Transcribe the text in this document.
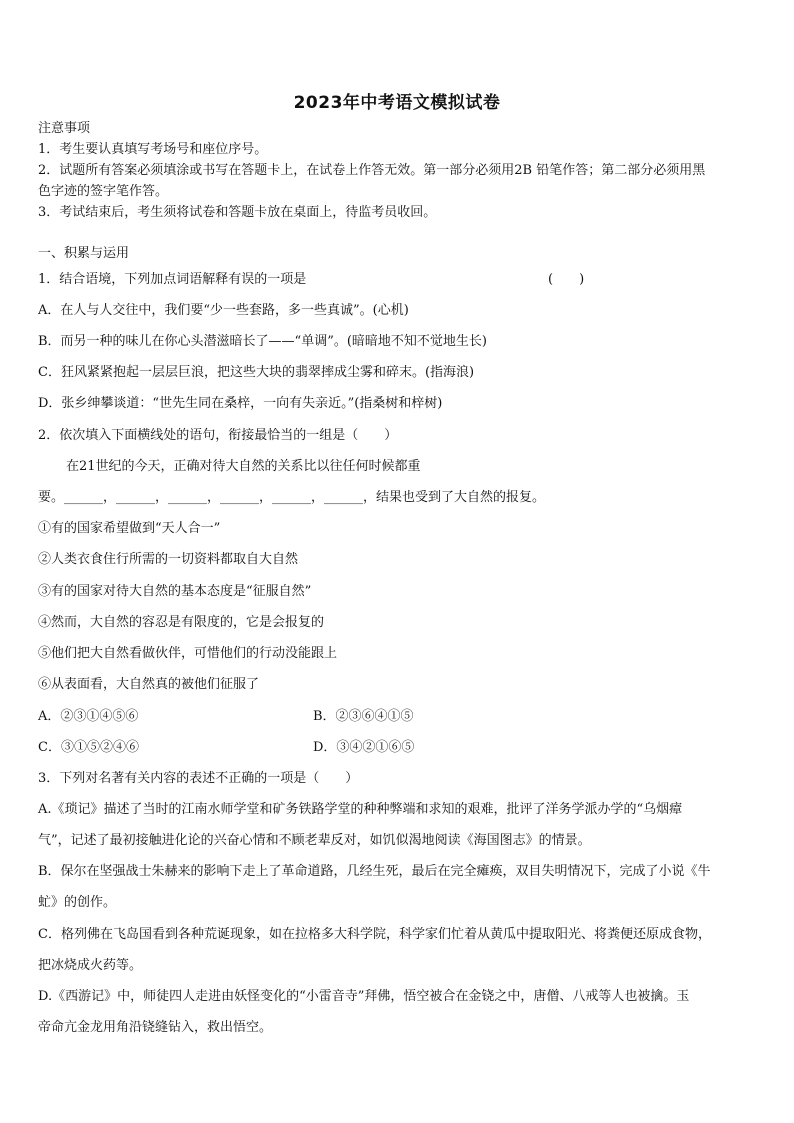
2023年中考语文模拟试卷
注意事项
1．考生要认真填写考场号和座位序号。
2．试题所有答案必须填涂或书写在答题卡上，在试卷上作答无效。第一部分必须用2B 铅笔作答；第二部分必须用黑
色字迹的签字笔作答。
3．考试结束后，考生须将试卷和答题卡放在桌面上，待监考员收回。
一、积累与运用
1．结合语境，下列加点词语解释有误的一项是	(　　)
A．在人与人交往中，我们要“少一些套路，多一些真诚”。(心机)
B．而另一种的味儿在你心头潜滋暗长了——“单调”。(暗暗地不知不觉地生长)
C．狂风紧紧抱起一层层巨浪，把这些大块的翡翠摔成尘雾和碎末。(指海浪)
D．张乡绅攀谈道：“世先生同在桑梓，一向有失亲近。”(指桑树和梓树)
2．依次填入下面横线处的语句，衔接最恰当的一组是（　　）
在21世纪的今天，正确对待大自然的关系比以往任何时候都重
要。______，______，______，______，______，______，结果也受到了大自然的报复。
①有的国家希望做到“天人合一”
②人类衣食住行所需的一切资料都取自大自然
③有的国家对待大自然的基本态度是“征服自然”
④然而，大自然的容忍是有限度的，它是会报复的
⑤他们把大自然看做伙伴，可惜他们的行动没能跟上
⑥从表面看，大自然真的被他们征服了
A．②③①④⑤⑥	B．②③⑥④①⑤
C．③①⑤②④⑥	D．③④②①⑥⑤
3．下列对名著有关内容的表述不正确的一项是（　　）
A.《琐记》描述了当时的江南水师学堂和矿务铁路学堂的种种弊端和求知的艰难，批评了洋务学派办学的“乌烟瘴
气”，记述了最初接触进化论的兴奋心情和不顾老辈反对，如饥似渴地阅读《海国图志》的情景。
B．保尔在坚强战士朱赫来的影响下走上了革命道路，几经生死，最后在完全瘫痪，双目失明情况下，完成了小说《牛
虻》的创作。
C．格列佛在飞岛国看到各种荒诞现象，如在拉格多大科学院，科学家们忙着从黄瓜中提取阳光、将粪便还原成食物，
把冰烧成火药等。
D.《西游记》中，师徒四人走进由妖怪变化的“小雷音寺”拜佛，悟空被合在金铙之中，唐僧、八戒等人也被擒。玉
帝命亢金龙用角沿铙缝钻入，救出悟空。
